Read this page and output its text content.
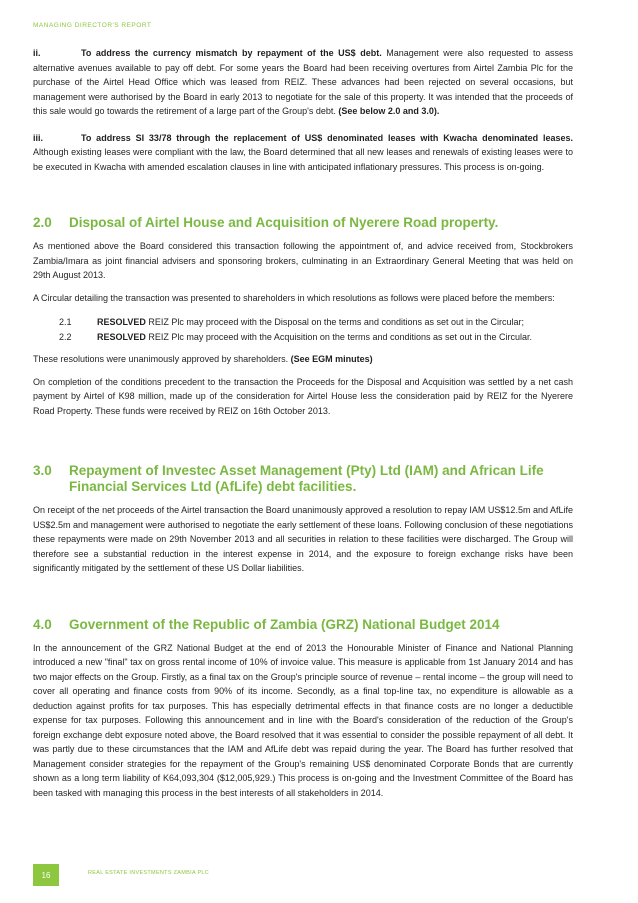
MANAGING DIRECTOR'S REPORT

ii.	To address the currency mismatch by repayment of the US$ debt. Management were also requested to assess alternative avenues available to pay off debt. For some years the Board had been receiving overtures from Airtel Zambia Plc for the purchase of the Airtel Head Office which was leased from REIZ. These advances had been rejected on several occasions, but management were authorised by the Board in early 2013 to negotiate for the sale of this property. It was intended that the proceeds of this sale would go towards the retirement of a large part of the Group's debt. (See below 2.0 and 3.0).

iii.	To address SI 33/78 through the replacement of US$ denominated leases with Kwacha denominated leases. Although existing leases were compliant with the law, the Board determined that all new leases and renewals of existing leases were to be executed in Kwacha with amended escalation clauses in line with anticipated inflationary pressures. This process is on-going.

2.0	Disposal of Airtel House and Acquisition of Nyerere Road property.

As mentioned above the Board considered this transaction following the appointment of, and advice received from, Stockbrokers Zambia/Imara as joint financial advisers and sponsoring brokers, culminating in an Extraordinary General Meeting that was held on 29th August 2013.

A Circular detailing the transaction was presented to shareholders in which resolutions as follows were placed before the members:

2.1	RESOLVED REIZ Plc may proceed with the Disposal on the terms and conditions as set out in the Circular;
2.2	RESOLVED REIZ Plc may proceed with the Acquisition on the terms and conditions as set out in the Circular.

These resolutions were unanimously approved by shareholders. (See EGM minutes)

On completion of the conditions precedent to the transaction the Proceeds for the Disposal and Acquisition was settled by a net cash payment by Airtel of K98 million, made up of the consideration for Airtel House less the consideration paid by REIZ for the Nyerere Road Property. These funds were received by REIZ on 16th October 2013.

3.0	Repayment of Investec Asset Management (Pty) Ltd (IAM) and African Life Financial Services Ltd (AfLife) debt facilities.

On receipt of the net proceeds of the Airtel transaction the Board unanimously approved a resolution to repay IAM US$12.5m and AfLife US$2.5m and management were authorised to negotiate the early settlement of these loans. Following conclusion of these negotiations these repayments were made on 29th November 2013 and all securities in relation to these facilities were discharged. The Group will therefore see a substantial reduction in the interest expense in 2014, and the exposure to foreign exchange risks have been significantly mitigated by the settlement of these US Dollar liabilities.

4.0	Government of the Republic of Zambia (GRZ) National Budget 2014

In the announcement of the GRZ National Budget at the end of 2013 the Honourable Minister of Finance and National Planning introduced a new "final" tax on gross rental income of 10% of invoice value. This measure is applicable from 1st January 2014 and has two major effects on the Group. Firstly, as a final tax on the Group's principle source of revenue – rental income – the group will need to cover all operating and finance costs from 90% of its income. Secondly, as a final top-line tax, no expenditure is allowable as a deduction against profits for tax purposes. This has especially detrimental effects in that finance costs are no longer a deductible expense for tax purposes. Following this announcement and in line with the Board's consideration of the reduction of the Group's foreign exchange debt exposure noted above, the Board resolved that it was essential to consider the possible repayment of all debt. It was partly due to these circumstances that the IAM and AfLife debt was repaid during the year. The Board has further resolved that Management consider strategies for the repayment of the Group's remaining US$ denominated Corporate Bonds that are currently shown as a long term liability of K64,093,304 ($12,005,929.) This process is on-going and the Investment Committee of the Board has been tasked with managing this process in the best interests of all stakeholders in 2014.

16	REAL ESTATE INVESTMENTS ZAMBIA PLC
